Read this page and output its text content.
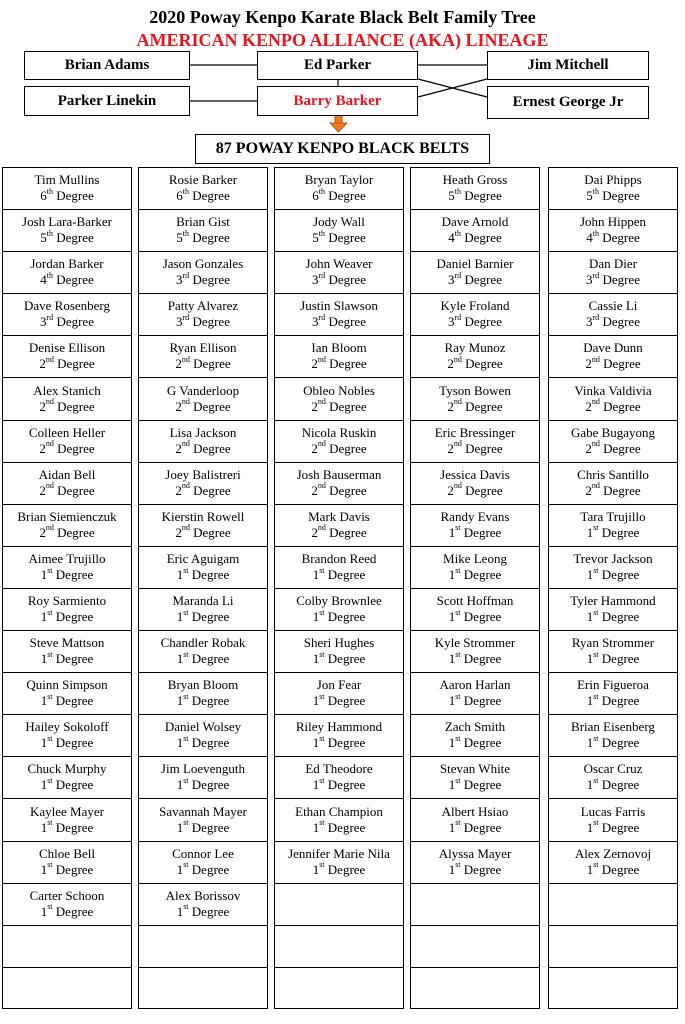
2020 Poway Kenpo Karate Black Belt Family Tree
AMERICAN KENPO ALLIANCE (AKA) LINEAGE
Brian Adams	Ed Parker	Jim Mitchell
Parker Linekin	Barry Barker	Ernest George Jr
87 POWAY KENPO BLACK BELTS
Tim Mullins
6th Degree
Josh Lara-Barker
5th Degree
Jordan Barker
4th Degree
Dave Rosenberg
3rd Degree
Denise Ellison
2nd Degree
Alex Stanich
2nd Degree
Colleen Heller
2nd Degree
Aidan Bell
2nd Degree
Brian Siemienczuk
2nd Degree
Aimee Trujillo
1st Degree
Roy Sarmiento
1st Degree
Steve Mattson
1st Degree
Quinn Simpson
1st Degree
Hailey Sokoloff
1st Degree
Chuck Murphy
1st Degree
Kaylee Mayer
1st Degree
Chloe Bell
1st Degree
Carter Schoon
1st Degree
Rosie Barker
6th Degree
Brian Gist
5th Degree
Jason Gonzales
3rd Degree
Patty Alvarez
3rd Degree
Ryan Ellison
2nd Degree
G Vanderloop
2nd Degree
Lisa Jackson
2nd Degree
Joey Balistreri
2nd Degree
Kierstin Rowell
2nd Degree
Eric Aguigam
1st Degree
Maranda Li
1st Degree
Chandler Robak
1st Degree
Bryan Bloom
1st Degree
Daniel Wolsey
1st Degree
Jim Loevenguth
1st Degree
Savannah Mayer
1st Degree
Connor Lee
1st Degree
Alex Borissov
1st Degree
Bryan Taylor
6th Degree
Jody Wall
5th Degree
John Weaver
3rd Degree
Justin Slawson
3rd Degree
Ian Bloom
2nd Degree
Obleo Nobles
2nd Degree
Nicola Ruskin
2nd Degree
Josh Bauserman
2nd Degree
Mark Davis
2nd Degree
Brandon Reed
1st Degree
Colby Brownlee
1st Degree
Sheri Hughes
1st Degree
Jon Fear
1st Degree
Riley Hammond
1st Degree
Ed Theodore
1st Degree
Ethan Champion
1st Degree
Jennifer Marie Nila
1st Degree
Heath Gross
5th Degree
Dave Arnold
4th Degree
Daniel Barnier
3rd Degree
Kyle Froland
3rd Degree
Ray Munoz
2nd Degree
Tyson Bowen
2nd Degree
Eric Bressinger
2nd Degree
Jessica Davis
2nd Degree
Randy Evans
1st Degree
Mike Leong
1st Degree
Scott Hoffman
1st Degree
Kyle Strommer
1st Degree
Aaron Harlan
1st Degree
Zach Smith
1st Degree
Stevan White
1st Degree
Albert Hsiao
1st Degree
Alyssa Mayer
1st Degree
Dai Phipps
5th Degree
John Hippen
4th Degree
Dan Dier
3rd Degree
Cassie Li
3rd Degree
Dave Dunn
2nd Degree
Vinka Valdivia
2nd Degree
Gabe Bugayong
2nd Degree
Chris Santillo
2nd Degree
Tara Trujillo
1st Degree
Trevor Jackson
1st Degree
Tyler Hammond
1st Degree
Ryan Strommer
1st Degree
Erin Figueroa
1st Degree
Brian Eisenberg
1st Degree
Oscar Cruz
1st Degree
Lucas Farris
1st Degree
Alex Zernovoj
1st Degree
